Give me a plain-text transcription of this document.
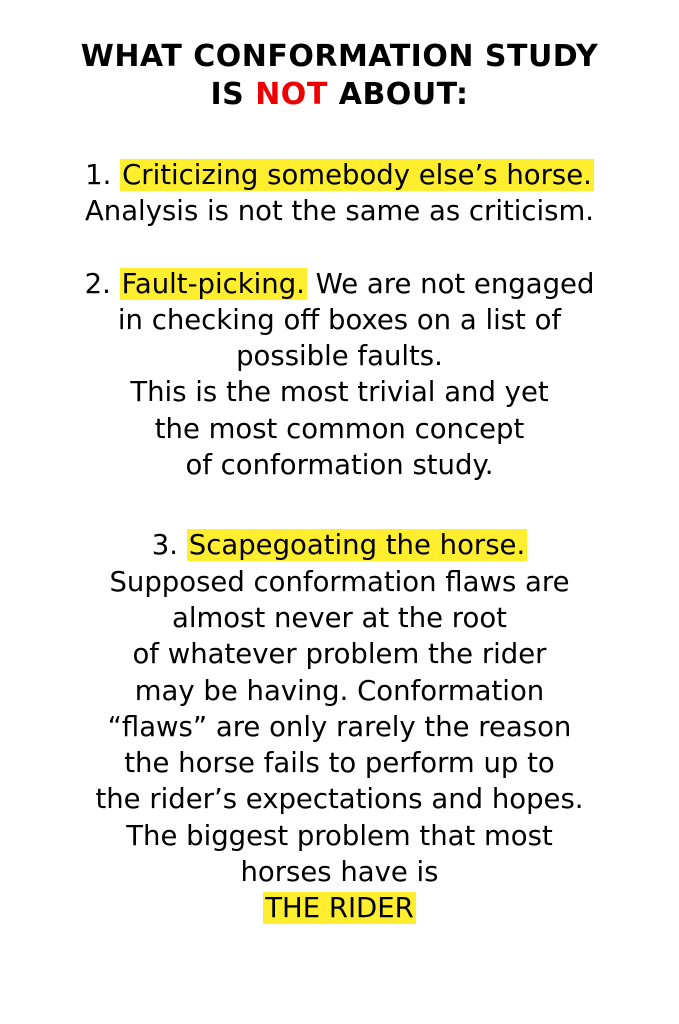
WHAT CONFORMATION STUDY
IS NOT ABOUT:
1. Criticizing somebody else’s horse.
Analysis is not the same as criticism.
2. Fault-picking. We are not engaged
in checking off boxes on a list of
possible faults.
This is the most trivial and yet
the most common concept
of conformation study.
3. Scapegoating the horse.
Supposed conformation flaws are
almost never at the root
of whatever problem the rider
may be having. Conformation
“flaws” are only rarely the reason
the horse fails to perform up to
the rider’s expectations and hopes.
The biggest problem that most
horses have is
THE RIDER
